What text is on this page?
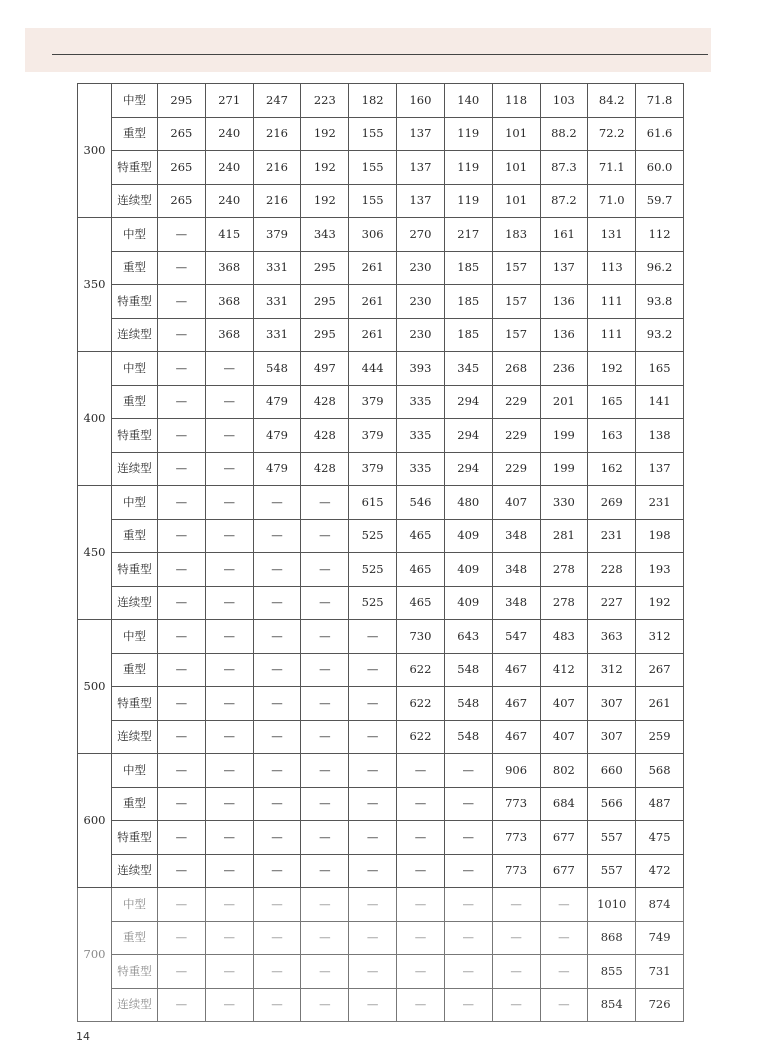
300	中型	295	271	247	223	182	160	140	118	103	84.2	71.8
	重型	265	240	216	192	155	137	119	101	88.2	72.2	61.6
	特重型	265	240	216	192	155	137	119	101	87.3	71.1	60.0
	连续型	265	240	216	192	155	137	119	101	87.2	71.0	59.7
350	中型	—	415	379	343	306	270	217	183	161	131	112
	重型	—	368	331	295	261	230	185	157	137	113	96.2
	特重型	—	368	331	295	261	230	185	157	136	111	93.8
	连续型	—	368	331	295	261	230	185	157	136	111	93.2
400	中型	—	—	548	497	444	393	345	268	236	192	165
	重型	—	—	479	428	379	335	294	229	201	165	141
	特重型	—	—	479	428	379	335	294	229	199	163	138
	连续型	—	—	479	428	379	335	294	229	199	162	137
450	中型	—	—	—	—	615	546	480	407	330	269	231
	重型	—	—	—	—	525	465	409	348	281	231	198
	特重型	—	—	—	—	525	465	409	348	278	228	193
	连续型	—	—	—	—	525	465	409	348	278	227	192
500	中型	—	—	—	—	—	730	643	547	483	363	312
	重型	—	—	—	—	—	622	548	467	412	312	267
	特重型	—	—	—	—	—	622	548	467	407	307	261
	连续型	—	—	—	—	—	622	548	467	407	307	259
600	中型	—	—	—	—	—	—	—	906	802	660	568
	重型	—	—	—	—	—	—	—	773	684	566	487
	特重型	—	—	—	—	—	—	—	773	677	557	475
	连续型	—	—	—	—	—	—	—	773	677	557	472
700	中型	—	—	—	—	—	—	—	—	—	1010	874
	重型	—	—	—	—	—	—	—	—	—	868	749
	特重型	—	—	—	—	—	—	—	—	—	855	731
	连续型	—	—	—	—	—	—	—	—	—	854	726
14
